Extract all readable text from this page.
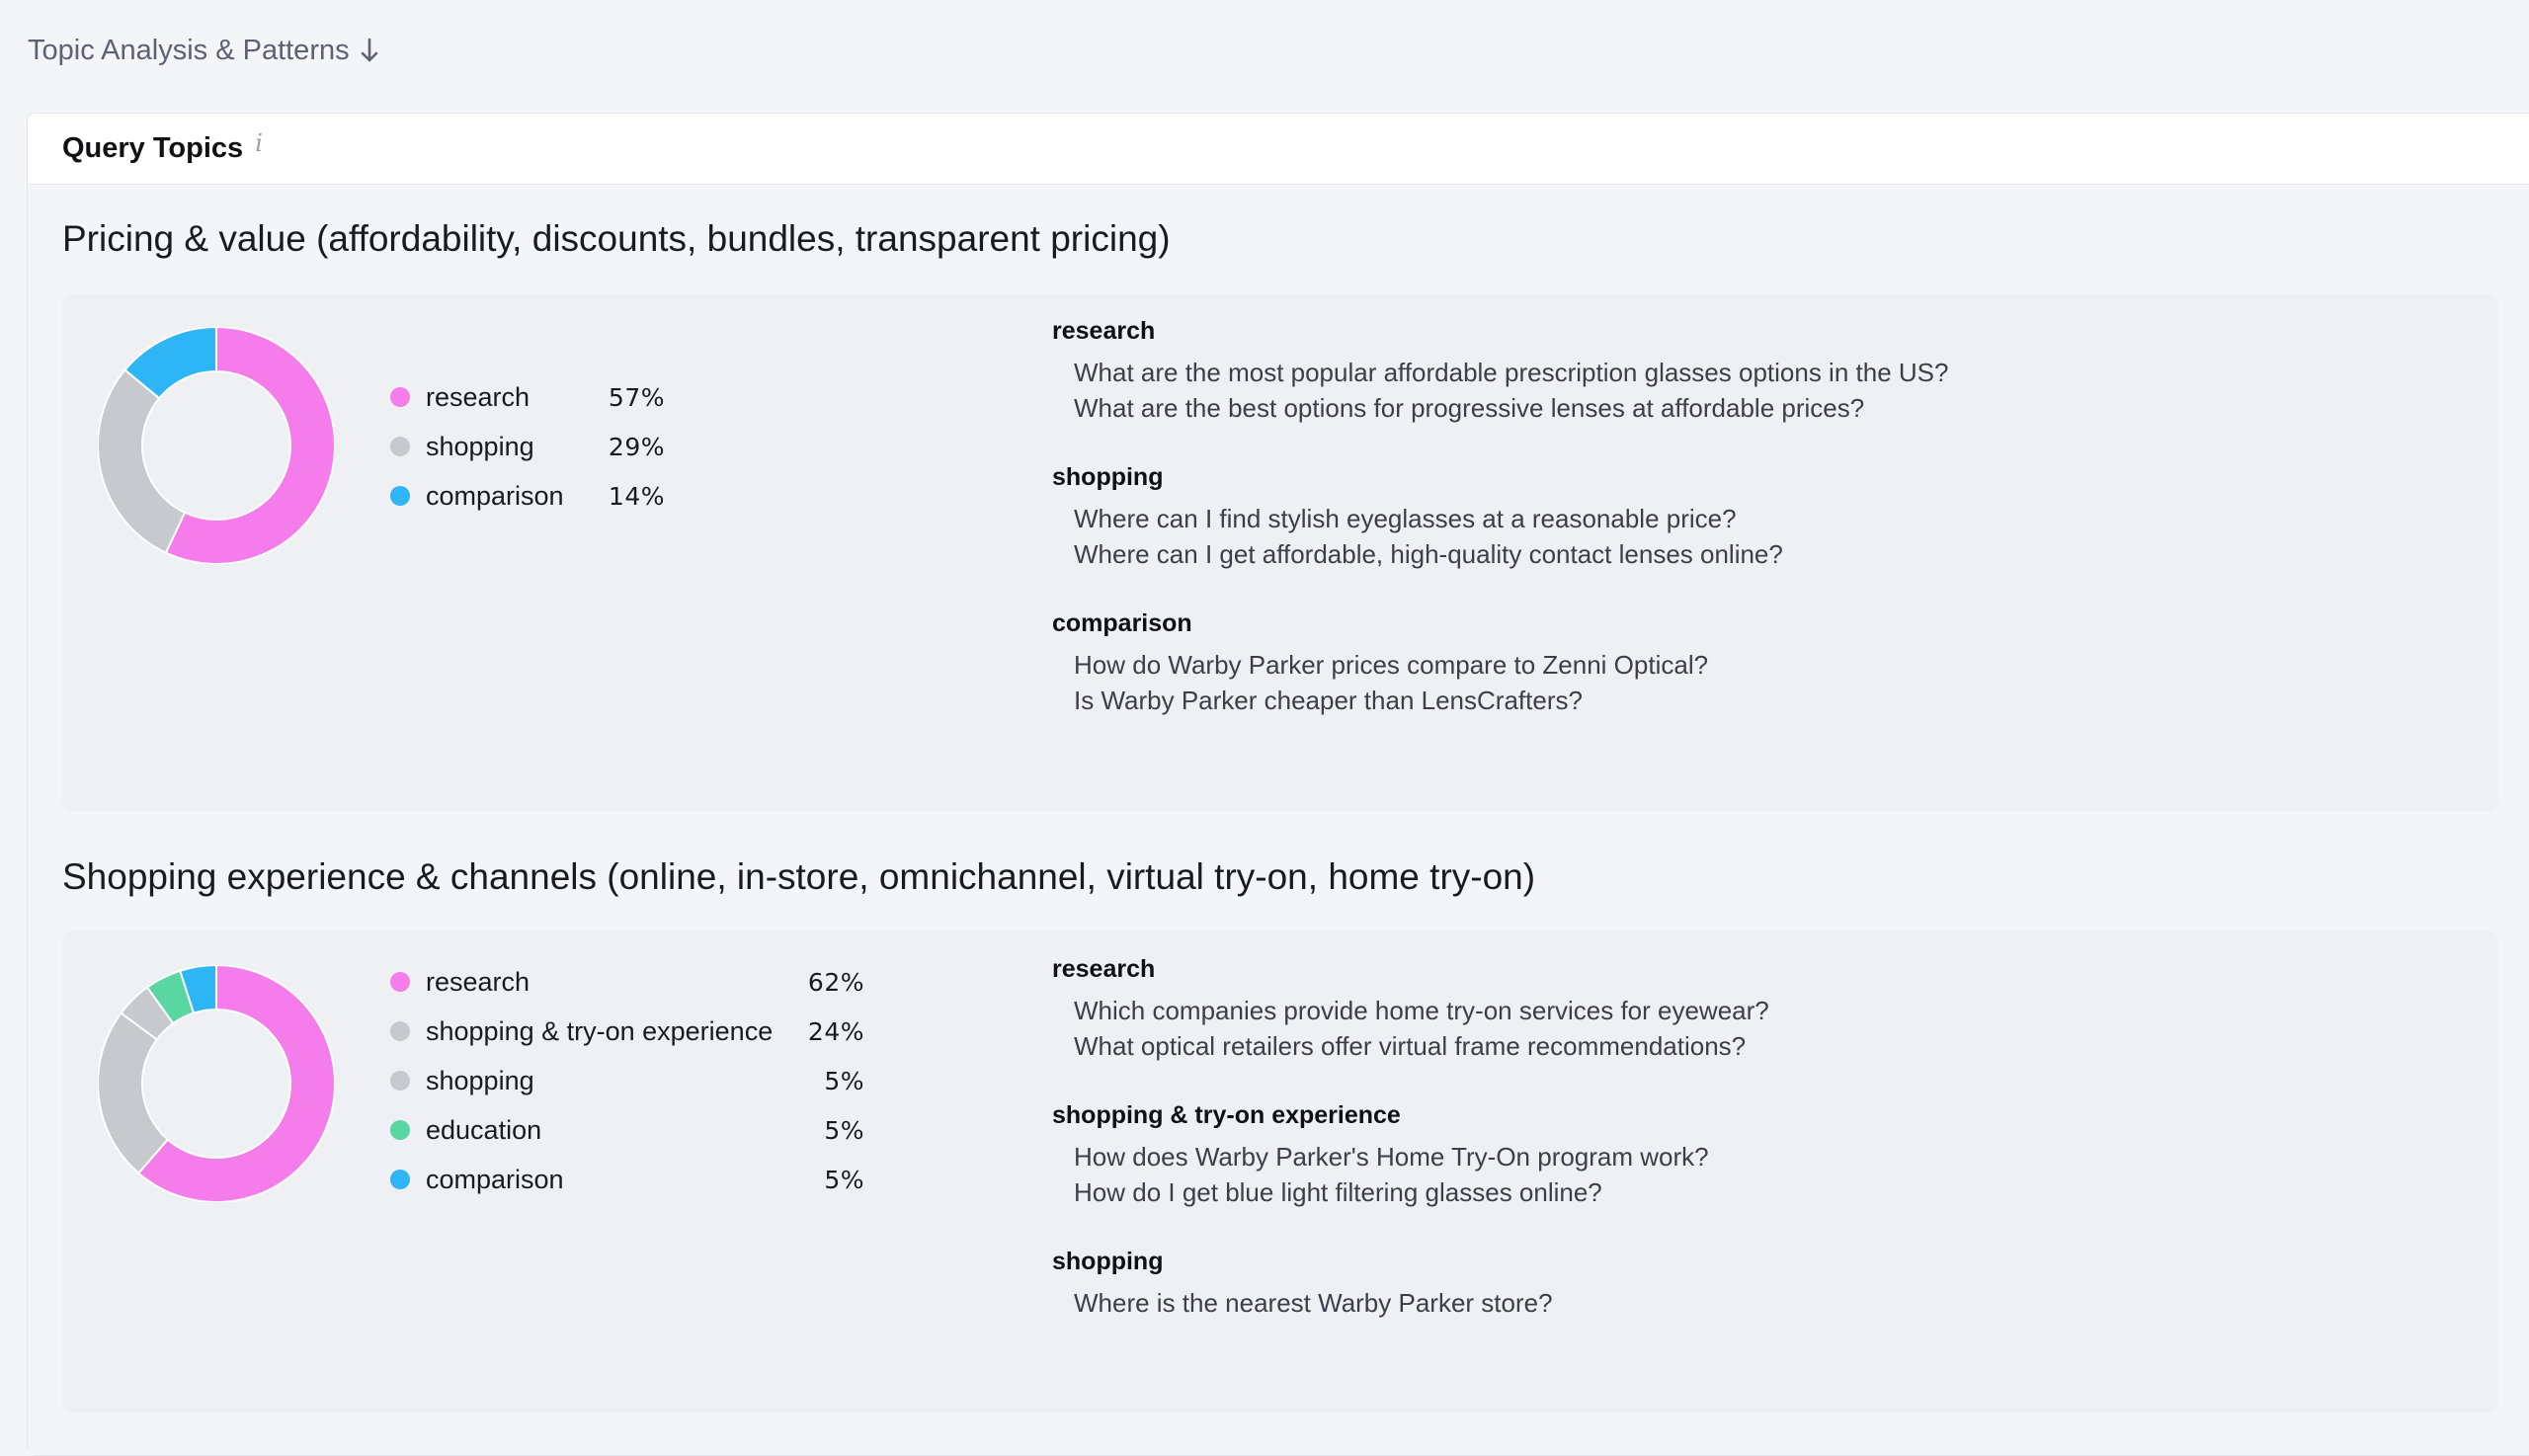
Topic Analysis & Patterns
Query Topics i
Pricing & value (affordability, discounts, bundles, transparent pricing)
research	57%
shopping	29%
comparison	14%
research
What are the most popular affordable prescription glasses options in the US?
What are the best options for progressive lenses at affordable prices?
shopping
Where can I find stylish eyeglasses at a reasonable price?
Where can I get affordable, high-quality contact lenses online?
comparison
How do Warby Parker prices compare to Zenni Optical?
Is Warby Parker cheaper than LensCrafters?
Shopping experience & channels (online, in-store, omnichannel, virtual try-on, home try-on)
research	62%
shopping & try-on experience	24%
shopping	5%
education	5%
comparison	5%
research
Which companies provide home try-on services for eyewear?
What optical retailers offer virtual frame recommendations?
shopping & try-on experience
How does Warby Parker's Home Try-On program work?
How do I get blue light filtering glasses online?
shopping
Where is the nearest Warby Parker store?
